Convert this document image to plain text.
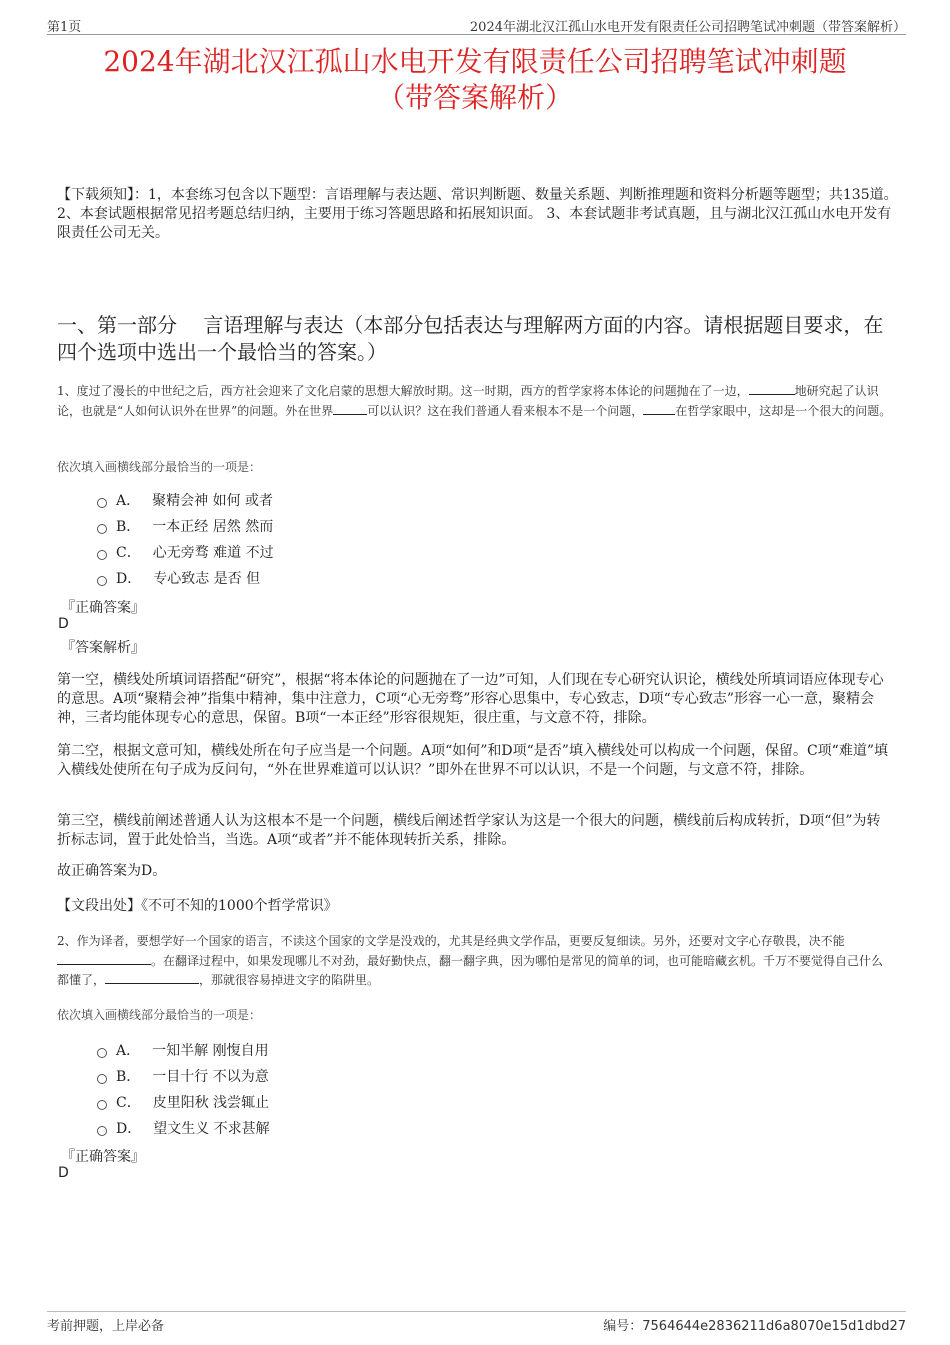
第1页	2024年湖北汉江孤山水电开发有限责任公司招聘笔试冲刺题（带答案解析）
2024年湖北汉江孤山水电开发有限责任公司招聘笔试冲刺题
（带答案解析）
【下载须知】：1，本套练习包含以下题型：言语理解与表达题、常识判断题、数量关系题、判断推理题和资料分析题等题型；共135道。 2、本套试题根据常见招考题总结归纳，主要用于练习答题思路和拓展知识面。 3、本套试题非考试真题，且与湖北汉江孤山水电开发有限责任公司无关。
一、第一部分　 言语理解与表达（本部分包括表达与理解两方面的内容。请根据题目要求，在四个选项中选出一个最恰当的答案。）
1、度过了漫长的中世纪之后，西方社会迎来了文化启蒙的思想大解放时期。这一时期，西方的哲学家将本体论的问题抛在了一边，	地研究起了认识论，也就是“人如何认识外在世界”的问题。外在世界	可以认识？这在我们普通人看来根本不是一个问题，	在哲学家眼中，这却是一个很大的问题。
依次填入画横线部分最恰当的一项是：
A． 聚精会神 如何 或者
B． 一本正经 居然 然而
C． 心无旁骛 难道 不过
D． 专心致志 是否 但
『正确答案』
D
『答案解析』
第一空，横线处所填词语搭配“研究”，根据“将本体论的问题抛在了一边”可知，人们现在专心研究认识论，横线处所填词语应体现专心的意思。A项“聚精会神”指集中精神，集中注意力，C项“心无旁骛”形容心思集中，专心致志，D项“专心致志”形容一心一意，聚精会神，三者均能体现专心的意思，保留。B项“一本正经”形容很规矩，很庄重，与文意不符，排除。
第二空，根据文意可知，横线处所在句子应当是一个问题。A项“如何”和D项“是否”填入横线处可以构成一个问题，保留。C项“难道”填入横线处使所在句子成为反问句，“外在世界难道可以认识？”即外在世界不可以认识，不是一个问题，与文意不符，排除。
第三空，横线前阐述普通人认为这根本不是一个问题，横线后阐述哲学家认为这是一个很大的问题，横线前后构成转折，D项“但”为转折标志词，置于此处恰当，当选。A项“或者”并不能体现转折关系，排除。
故正确答案为D。
【文段出处】《不可不知的1000个哲学常识》
2、作为译者，要想学好一个国家的语言，不读这个国家的文学是没戏的，尤其是经典文学作品，更要反复细读。另外，还要对文字心存敬畏，决不能。在翻译过程中，如果发现哪儿不对劲，最好勤快点，翻一翻字典，因为哪怕是常见的简单的词，也可能暗藏玄机。千万不要觉得自己什么都懂了，	，那就很容易掉进文字的陷阱里。
依次填入画横线部分最恰当的一项是：
A． 一知半解 刚愎自用
B． 一目十行 不以为意
C． 皮里阳秋 浅尝辄止
D． 望文生义 不求甚解
『正确答案』
D
考前押题，上岸必备	编号：7564644e2836211d6a8070e15d1dbd27
